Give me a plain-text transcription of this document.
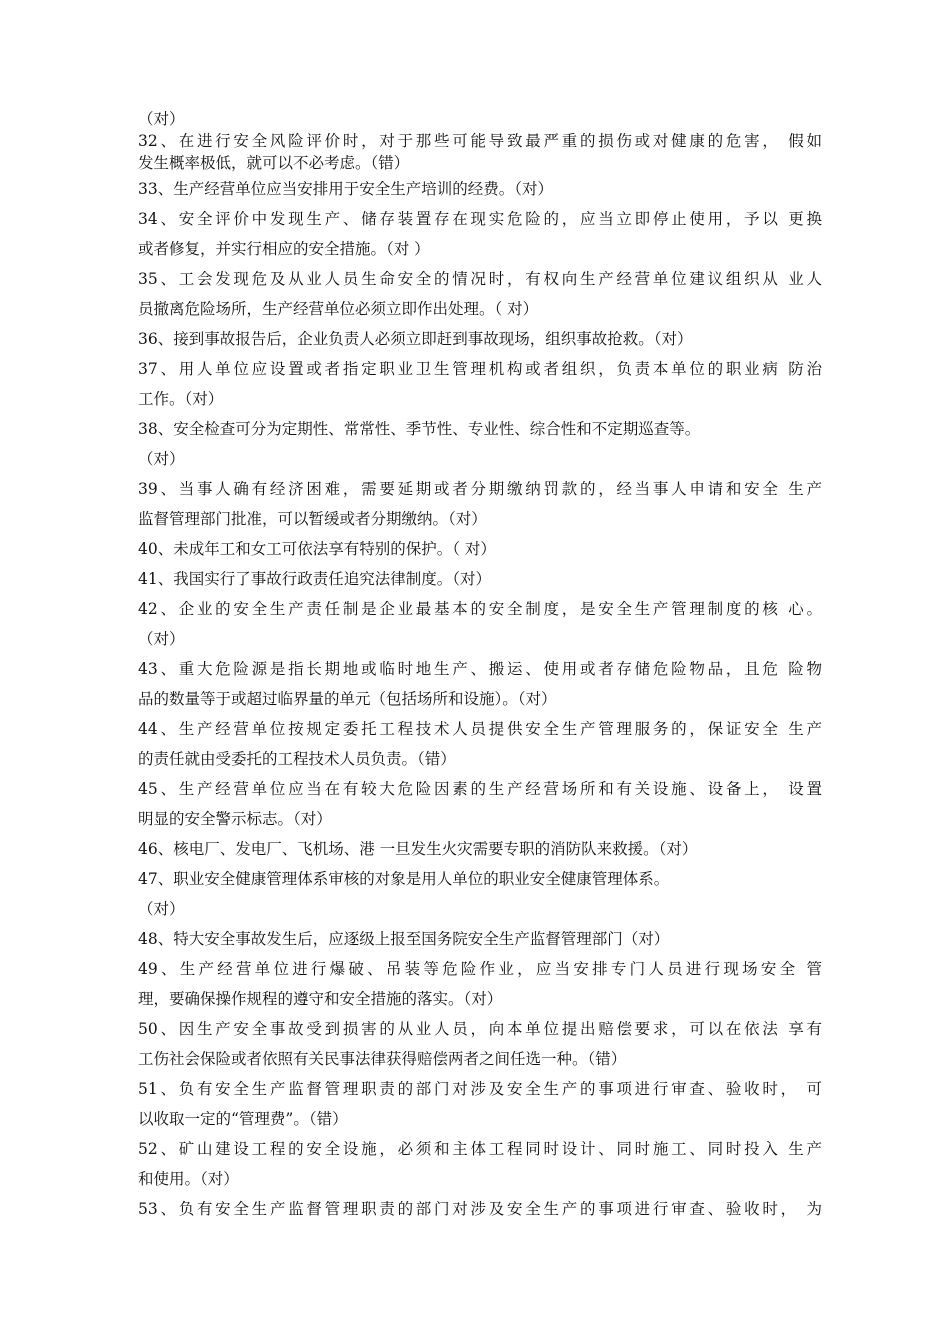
（对）
32、在进行安全风险评价时，对于那些可能导致最严重的损伤或对健康的危害， 假如
发生概率极低，就可以不必考虑。（错）
33、生产经营单位应当安排用于安全生产培训的经费。（对）
34、安全评价中发现生产、储存装置存在现实危险的，应当立即停止使用，予以 更换
或者修复，并实行相应的安全措施。（对 ）
35、工会发现危及从业人员生命安全的情况时，有权向生产经营单位建议组织从 业人
员撤离危险场所，生产经营单位必须立即作出处理。（ 对）
36、接到事故报告后，企业负责人必须立即赶到事故现场，组织事故抢救。（对）
37、用人单位应设置或者指定职业卫生管理机构或者组织，负责本单位的职业病 防治
工作。（对）
38、安全检查可分为定期性、常常性、季节性、专业性、综合性和不定期巡查等。
（对）
39、当事人确有经济困难，需要延期或者分期缴纳罚款的，经当事人申请和安全 生产
监督管理部门批准，可以暂缓或者分期缴纳。（对）
40、未成年工和女工可依法享有特别的保护。（ 对）
41、我国实行了事故行政责任追究法律制度。（对）
42、企业的安全生产责任制是企业最基本的安全制度，是安全生产管理制度的核 心。
（对）
43、重大危险源是指长期地或临时地生产、搬运、使用或者存储危险物品，且危 险物
品的数量等于或超过临界量的单元（包括场所和设施）。（对）
44、生产经营单位按规定委托工程技术人员提供安全生产管理服务的，保证安全 生产
的责任就由受委托的工程技术人员负责。（错）
45、生产经营单位应当在有较大危险因素的生产经营场所和有关设施、设备上， 设置
明显的安全警示标志。（对）
46、核电厂、发电厂、飞机场、港 一旦发生火灾需要专职的消防队来救援。（对）
47、职业安全健康管理体系审核的对象是用人单位的职业安全健康管理体系。
（对）
48、特大安全事故发生后，应逐级上报至国务院安全生产监督管理部门（对）
49、生产经营单位进行爆破、吊装等危险作业，应当安排专门人员进行现场安全 管
理，要确保操作规程的遵守和安全措施的落实。（对）
50、因生产安全事故受到损害的从业人员，向本单位提出赔偿要求，可以在依法 享有
工伤社会保险或者依照有关民事法律获得赔偿两者之间任选一种。（错）
51、负有安全生产监督管理职责的部门对涉及安全生产的事项进行审查、验收时， 可
以收取一定的“管理费”。（错）
52、矿山建设工程的安全设施，必须和主体工程同时设计、同时施工、同时投入 生产
和使用。（对）
53、负有安全生产监督管理职责的部门对涉及安全生产的事项进行审查、验收时， 为
